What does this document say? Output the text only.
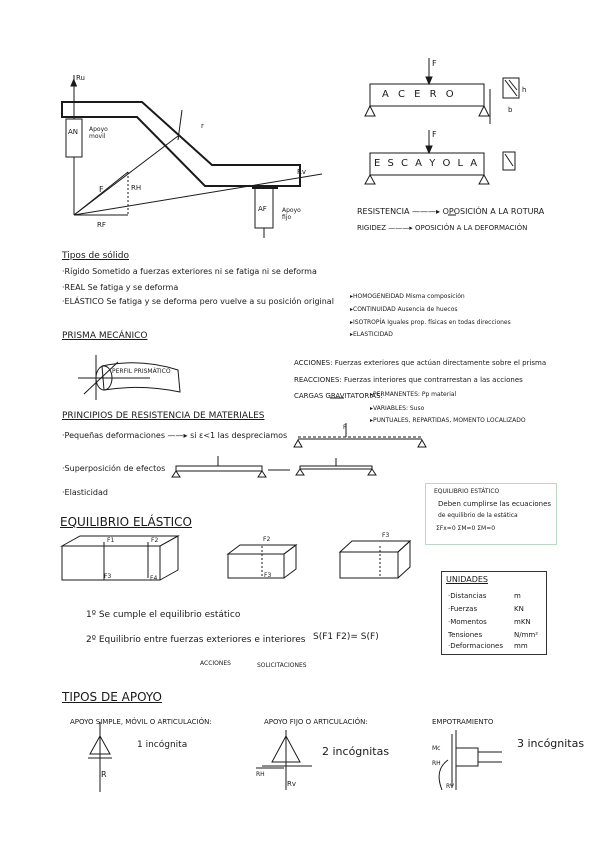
Ru
AN Apoyo movil
r
RH
F
RF
AF	Apoyo fijo
Rv
F
A C E R O	h
b
F
E S C A Y O L A
RESISTENCIA ———▸ OPOSICIÓN A LA ROTURA
RIGIDEZ ———▸ OPOSICIÓN A LA DEFORMACIÓN
Tipos de sólido
·Rígido Sometido a fuerzas exteriores ni se fatiga ni se deforma
·REAL Se fatiga y se deforma
·ELÁSTICO Se fatiga y se deforma pero vuelve a su posición original
▸HOMOGENEIDAD Misma composición
▸CONTINUIDAD Ausencia de huecos
▸ISOTROPÍA Iguales prop. físicas en todas direcciones
▸ELASTICIDAD
PRISMA MECÁNICO
PERFIL PRISMÁTICO
ACCIONES: Fuerzas exteriores que actúan directamente sobre el prisma
REACCIONES: Fuerzas interiores que contrarrestan a las acciones
CARGAS GRAVITATORIAS:
▸PERMANENTES: Pp material
▸VARIABLES: Suso
▸PUNTUALES, REPARTIDAS, MOMENTO LOCALIZADO
PRINCIPIOS DE RESISTENCIA DE MATERIALES
·Pequeñas deformaciones ——▸ si ε<1 las despreciamos
·Superposición de efectos
·Elasticidad
F
EQUILIBRIO ESTÁTICO
Deben cumplirse las ecuaciones
de equilibrio de la estática
ΣFx=0 ΣM=0 ΣM=0
EQUILIBRIO ELÁSTICO
F1	F2
F3	F4
F2
F3
F3
1º Se cumple el equilibrio estático
2º Equilibrio entre fuerzas exteriores e interiores
ACCIONES	SOLICITACIONES
S(F1 F2)= S(F)
UNIDADES
·Distancias	m
·Fuerzas	KN
·Momentos	mKN
Tensiones	N/mm²
·Deformaciones mm
TIPOS DE APOYO
APOYO SIMPLE, MÓVIL O ARTICULACIÓN:
1 incógnita
APOYO FIJO O ARTICULACIÓN:
2 incógnitas
EMPOTRAMIENTO
3 incógnitas
R	RH
Rv
Mc
RH
RV
